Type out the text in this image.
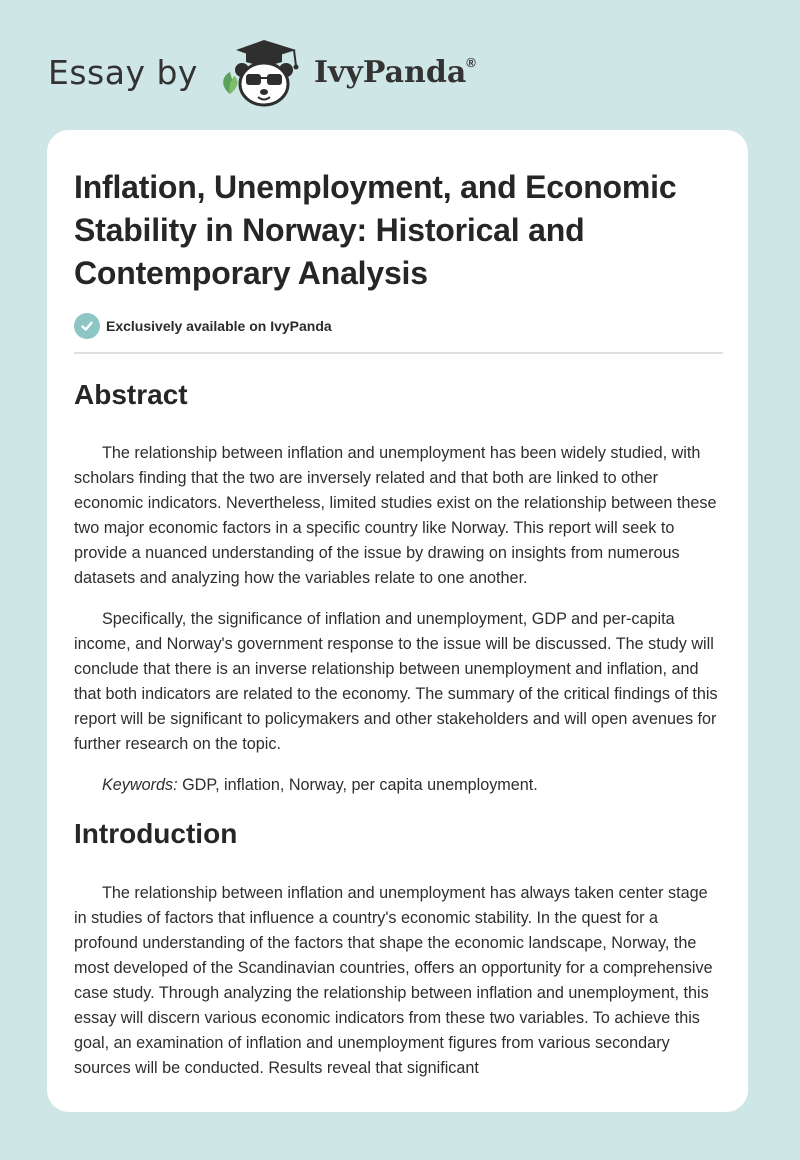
Essay by	IvyPanda®
Inflation, Unemployment, and Economic Stability in Norway: Historical and Contemporary Analysis
Exclusively available on IvyPanda
Abstract

The relationship between inflation and unemployment has been widely studied, with scholars finding that the two are inversely related and that both are linked to other economic indicators. Nevertheless, limited studies exist on the relationship between these two major economic factors in a specific country like Norway. This report will seek to provide a nuanced understanding of the issue by drawing on insights from numerous datasets and analyzing how the variables relate to one another.

Specifically, the significance of inflation and unemployment, GDP and per-capita income, and Norway's government response to the issue will be discussed. The study will conclude that there is an inverse relationship between unemployment and inflation, and that both indicators are related to the economy. The summary of the critical findings of this report will be significant to policymakers and other stakeholders and will open avenues for further research on the topic.

Keywords: GDP, inflation, Norway, per capita unemployment.

Introduction

The relationship between inflation and unemployment has always taken center stage in studies of factors that influence a country's economic stability. In the quest for a profound understanding of the factors that shape the economic landscape, Norway, the most developed of the Scandinavian countries, offers an opportunity for a comprehensive case study. Through analyzing the relationship between inflation and unemployment, this essay will discern various economic indicators from these two variables. To achieve this goal, an examination of inflation and unemployment figures from various secondary sources will be conducted. Results reveal that significant
